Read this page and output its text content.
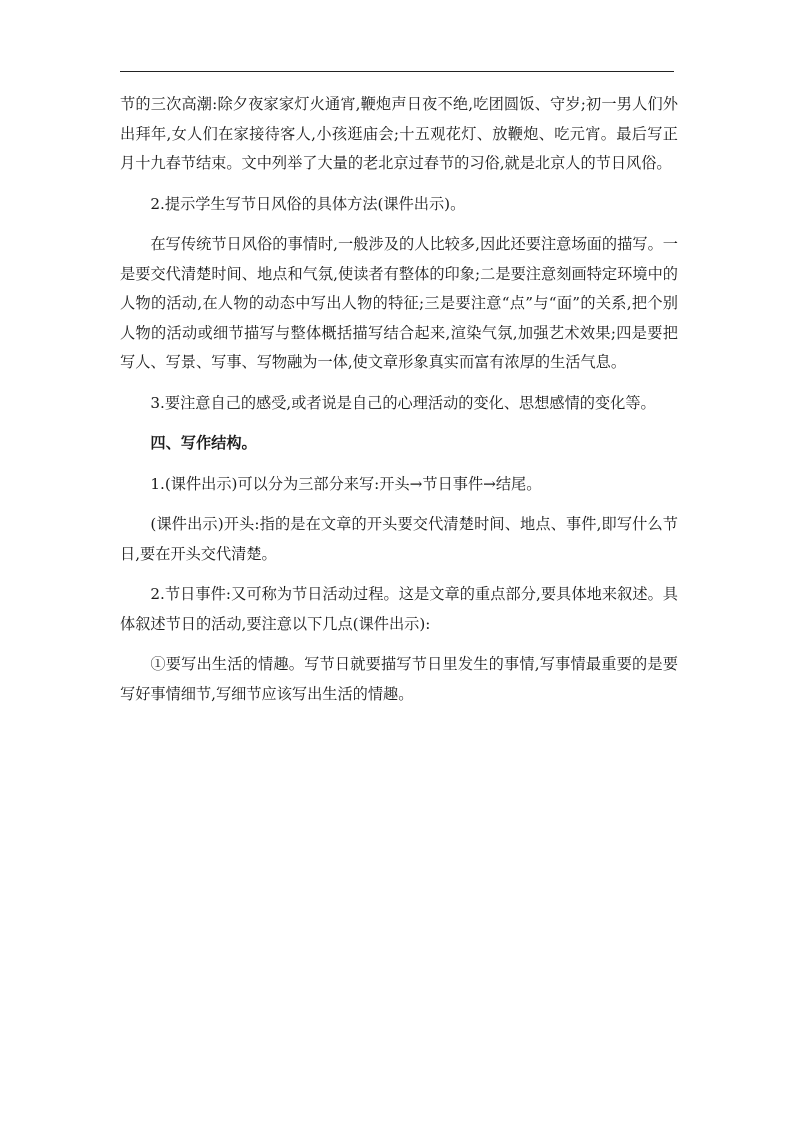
节的三次高潮:除夕夜家家灯火通宵,鞭炮声日夜不绝,吃团圆饭、守岁;初一男人们外出拜年,女人们在家接待客人,小孩逛庙会;十五观花灯、放鞭炮、吃元宵。最后写正月十九春节结束。文中列举了大量的老北京过春节的习俗,就是北京人的节日风俗。

2.提示学生写节日风俗的具体方法(课件出示)。

在写传统节日风俗的事情时,一般涉及的人比较多,因此还要注意场面的描写。一是要交代清楚时间、地点和气氛,使读者有整体的印象;二是要注意刻画特定环境中的人物的活动,在人物的动态中写出人物的特征;三是要注意“点”与“面”的关系,把个别人物的活动或细节描写与整体概括描写结合起来,渲染气氛,加强艺术效果;四是要把写人、写景、写事、写物融为一体,使文章形象真实而富有浓厚的生活气息。

3.要注意自己的感受,或者说是自己的心理活动的变化、思想感情的变化等。

四、写作结构。

1.(课件出示)可以分为三部分来写:开头→节日事件→结尾。

(课件出示)开头:指的是在文章的开头要交代清楚时间、地点、事件,即写什么节日,要在开头交代清楚。

2.节日事件:又可称为节日活动过程。这是文章的重点部分,要具体地来叙述。具体叙述节日的活动,要注意以下几点(课件出示):

①要写出生活的情趣。写节日就要描写节日里发生的事情,写事情最重要的是要写好事情细节,写细节应该写出生活的情趣。
